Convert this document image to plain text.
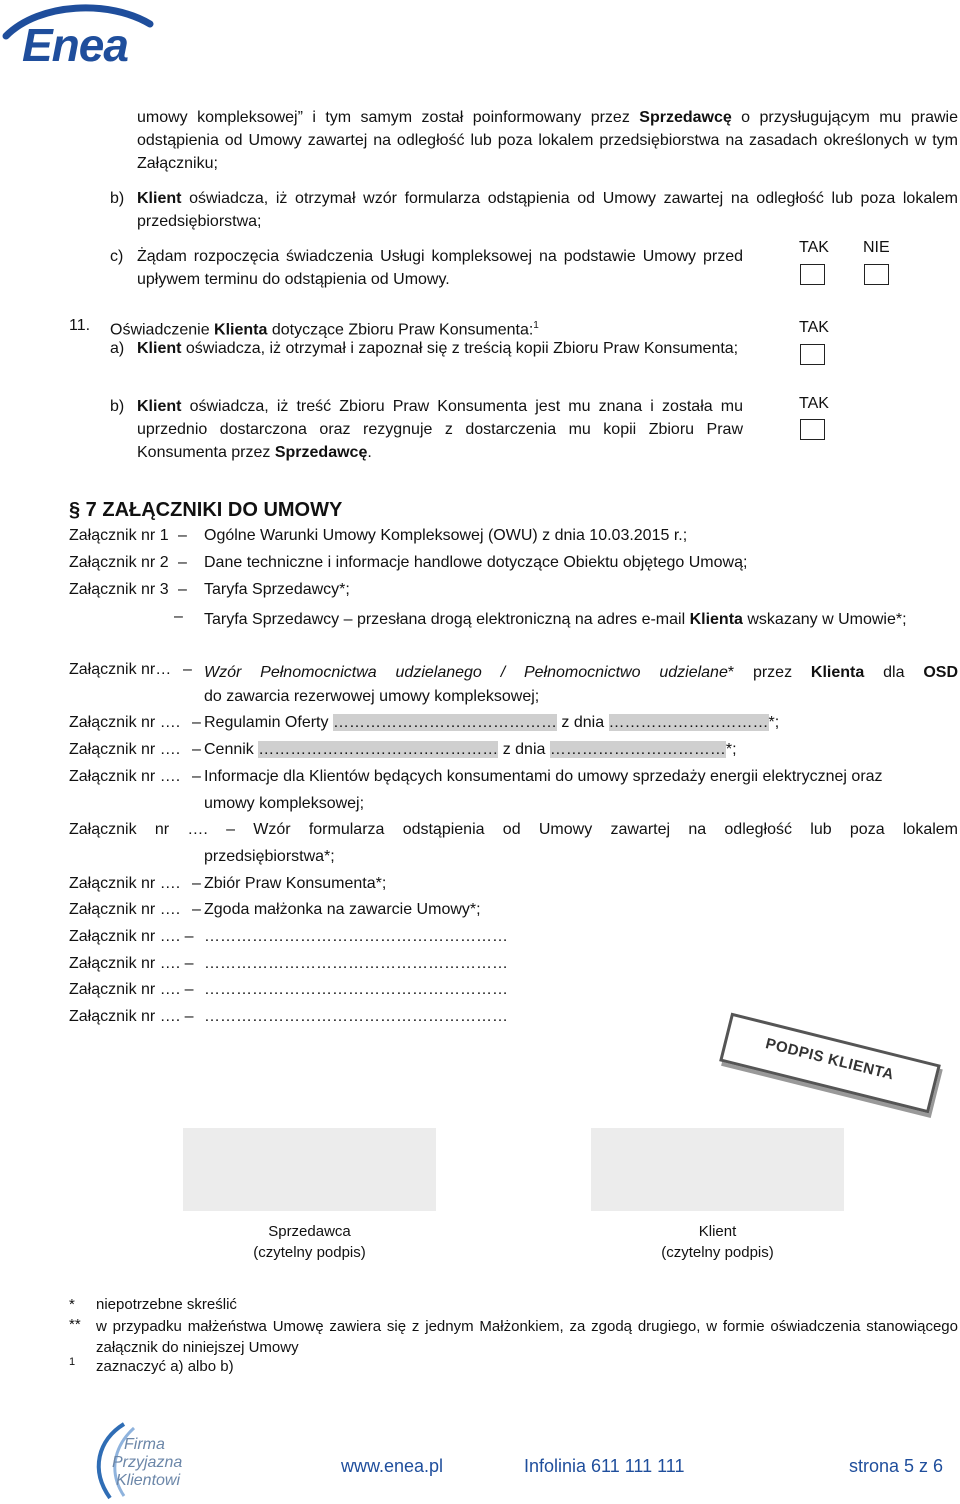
Enea
umowy kompleksowej” i tym samym został poinformowany przez Sprzedawcę o przysługującym mu prawie odstąpienia od Umowy zawartej na odległość lub poza lokalem przedsiębiorstwa na zasadach określonych w tym Załączniku;
b) Klient oświadcza, iż otrzymał wzór formularza odstąpienia od Umowy zawartej na odległość lub poza lokalem przedsiębiorstwa;
c) Żądam rozpoczęcia świadczenia Usługi kompleksowej na podstawie Umowy przed upływem terminu do odstąpienia od Umowy.
TAK NIE
11. Oświadczenie Klienta dotyczące Zbioru Praw Konsumenta:$^1$
a) Klient oświadcza, iż otrzymał i zapoznał się z treścią kopii Zbioru Praw Konsumenta;
TAK
b) Klient oświadcza, iż treść Zbioru Praw Konsumenta jest mu znana i została mu uprzednio dostarczona oraz rezygnuje z dostarczenia mu kopii Zbioru Praw Konsumenta przez Sprzedawcę.
TAK
§ 7 ZAŁĄCZNIKI DO UMOWY
Załącznik nr 1 – Ogólne Warunki Umowy Kompleksowej (OWU) z dnia 10.03.2015 r.;
Załącznik nr 2 – Dane techniczne i informacje handlowe dotyczące Obiektu objętego Umową;
Załącznik nr 3 – Taryfa Sprzedawcy*;
– Taryfa Sprzedawcy – przesłana drogą elektroniczną na adres e-mail Klienta wskazany w Umowie*;
Załącznik nr… – Wzór Pełnomocnictwa udzielanego / Pełnomocnictwo udzielane* przez Klienta dla OSD
do zawarcia rezerwowej umowy kompleksowej;
Załącznik nr …. – Regulamin Oferty …………………………………… z dnia …………………………*;
Załącznik nr …. – Cennik ……………………………………… z dnia ……………………………*;
Załącznik nr …. – Informacje dla Klientów będących konsumentami do umowy sprzedaży energii elektrycznej oraz
umowy kompleksowej;
Załącznik nr …. – Wzór formularza odstąpienia od Umowy zawartej na odległość lub poza lokalem
przedsiębiorstwa*;
Załącznik nr …. – Zbiór Praw Konsumenta*;
Załącznik nr …. – Zgoda małżonka na zawarcie Umowy*;
Załącznik nr …. – …………………………………………………
Załącznik nr …. – …………………………………………………
Załącznik nr …. – …………………………………………………
Załącznik nr …. – …………………………………………………
PODPIS KLIENTA
Sprzedawca
(czytelny podpis)
Klient
(czytelny podpis)
* niepotrzebne skreślić
** w przypadku małżeństwa Umowę zawiera się z jednym Małżonkiem, za zgodą drugiego, w formie oświadczenia stanowiącego załącznik do niniejszej Umowy
1 zaznaczyć a) albo b)
Firma
Przyjazna
Klientowi
www.enea.pl	Infolinia 611 111 111	strona 5 z 6
